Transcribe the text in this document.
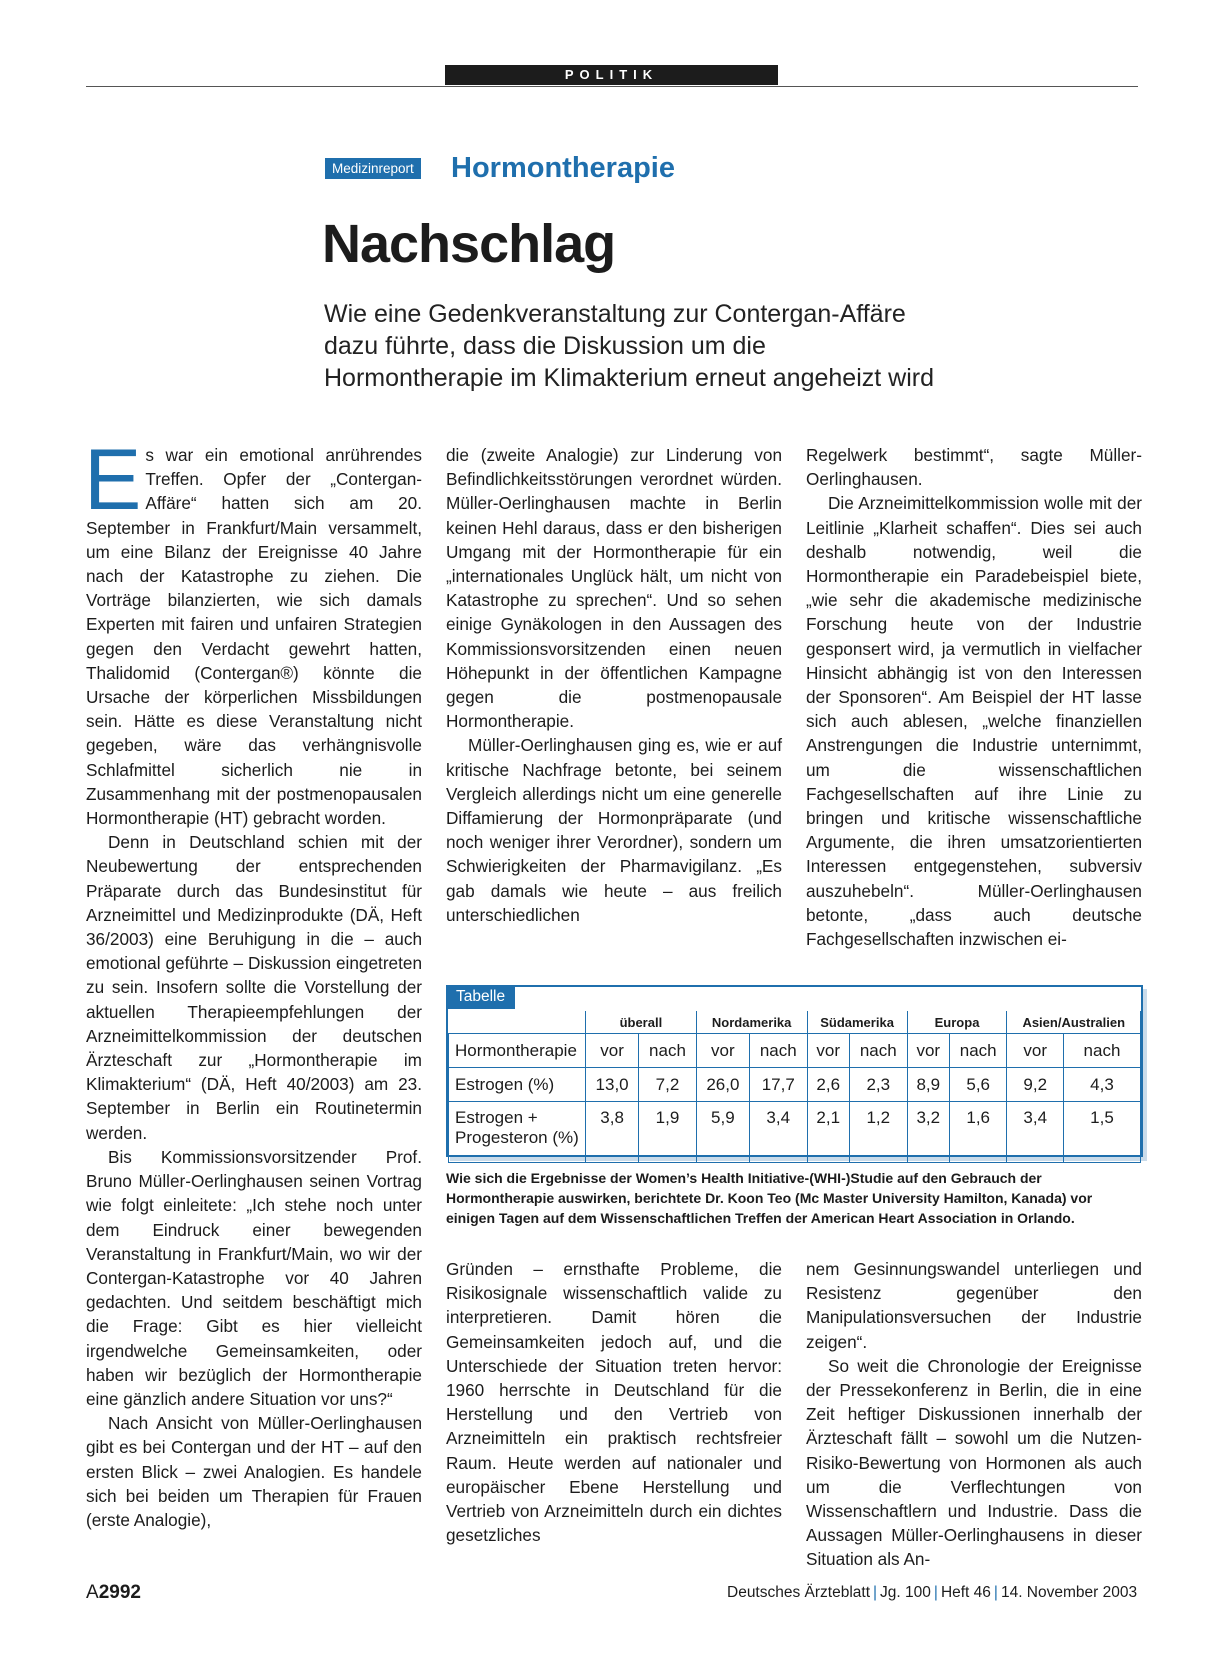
POLITIK
Medizinreport Hormontherapie
Nachschlag
Wie eine Gedenkveranstaltung zur Contergan-Affäre dazu führte, dass die Diskussion um die Hormontherapie im Klimakterium erneut angeheizt wird

Es war ein emotional anrührendes Treffen. Opfer der „Contergan-Affäre“ hatten sich am 20. September in Frankfurt/Main versammelt, um eine Bilanz der Ereignisse 40 Jahre nach der Katastrophe zu ziehen. Die Vorträge bilanzierten, wie sich damals Experten mit fairen und unfairen Strategien gegen den Verdacht gewehrt hatten, Thalidomid (Contergan®) könnte die Ursache der körperlichen Missbildungen sein. Hätte es diese Veranstaltung nicht gegeben, wäre das verhängnisvolle Schlafmittel sicherlich nie in Zusammenhang mit der postmenopausalen Hormontherapie (HT) gebracht worden.

Denn in Deutschland schien mit der Neubewertung der entsprechenden Präparate durch das Bundesinstitut für Arzneimittel und Medizinprodukte (DÄ, Heft 36/2003) eine Beruhigung in die – auch emotional geführte – Diskussion eingetreten zu sein. Insofern sollte die Vorstellung der aktuellen Therapieempfehlungen der Arzneimittelkommission der deutschen Ärzteschaft zur „Hormontherapie im Klimakterium“ (DÄ, Heft 40/2003) am 23. September in Berlin ein Routinetermin werden.

Bis Kommissionsvorsitzender Prof. Bruno Müller-Oerlinghausen seinen Vortrag wie folgt einleitete: „Ich stehe noch unter dem Eindruck einer bewegenden Veranstaltung in Frankfurt/Main, wo wir der Contergan-Katastrophe vor 40 Jahren gedachten. Und seitdem beschäftigt mich die Frage: Gibt es hier vielleicht irgendwelche Gemeinsamkeiten, oder haben wir bezüglich der Hormontherapie eine gänzlich andere Situation vor uns?“

Nach Ansicht von Müller-Oerlinghausen gibt es bei Contergan und der HT – auf den ersten Blick – zwei Analogien. Es handele sich bei beiden um Therapien für Frauen (erste Analogie),

die (zweite Analogie) zur Linderung von Befindlichkeitsstörungen verordnet würden. Müller-Oerlinghausen machte in Berlin keinen Hehl daraus, dass er den bisherigen Umgang mit der Hormontherapie für ein „internationales Unglück hält, um nicht von Katastrophe zu sprechen“. Und so sehen einige Gynäkologen in den Aussagen des Kommissionsvorsitzenden einen neuen Höhepunkt in der öffentlichen Kampagne gegen die postmenopausale Hormontherapie.

Müller-Oerlinghausen ging es, wie er auf kritische Nachfrage betonte, bei seinem Vergleich allerdings nicht um eine generelle Diffamierung der Hormonpräparate (und noch weniger ihrer Verordner), sondern um Schwierigkeiten der Pharmavigilanz. „Es gab damals wie heute – aus freilich unterschiedlichen

Regelwerk bestimmt“, sagte Müller-Oerlinghausen.

Die Arzneimittelkommission wolle mit der Leitlinie „Klarheit schaffen“. Dies sei auch deshalb notwendig, weil die Hormontherapie ein Paradebeispiel biete, „wie sehr die akademische medizinische Forschung heute von der Industrie gesponsert wird, ja vermutlich in vielfacher Hinsicht abhängig ist von den Interessen der Sponsoren“. Am Beispiel der HT lasse sich auch ablesen, „welche finanziellen Anstrengungen die Industrie unternimmt, um die wissenschaftlichen Fachgesellschaften auf ihre Linie zu bringen und kritische wissenschaftliche Argumente, die ihren umsatzorientierten Interessen entgegenstehen, subversiv auszuhebeln“. Müller-Oerlinghausen betonte, „dass auch deutsche Fachgesellschaften inzwischen ei-

Tabelle
	überall		Nordamerika		Südamerika		Europa		Asien/Australien	
Hormontherapie	vor	nach	vor	nach	vor	nach	vor	nach	vor	nach
Estrogen (%)	13,0	7,2	26,0	17,7	2,6	2,3	8,9	5,6	9,2	4,3
Estrogen + Progesteron (%)	3,8	1,9	5,9	3,4	2,1	1,2	3,2	1,6	3,4	1,5
Wie sich die Ergebnisse der Women’s Health Initiative-(WHI-)Studie auf den Gebrauch der Hormontherapie auswirken, berichtete Dr. Koon Teo (Mc Master University Hamilton, Kanada) vor einigen Tagen auf dem Wissenschaftlichen Treffen der American Heart Association in Orlando.

Gründen – ernsthafte Probleme, die Risikosignale wissenschaftlich valide zu interpretieren. Damit hören die Gemeinsamkeiten jedoch auf, und die Unterschiede der Situation treten hervor: 1960 herrschte in Deutschland für die Herstellung und den Vertrieb von Arzneimitteln ein praktisch rechtsfreier Raum. Heute werden auf nationaler und europäischer Ebene Herstellung und Vertrieb von Arzneimitteln durch ein dichtes gesetzliches

nem Gesinnungswandel unterliegen und Resistenz gegenüber den Manipulationsversuchen der Industrie zeigen“.

So weit die Chronologie der Ereignisse der Pressekonferenz in Berlin, die in eine Zeit heftiger Diskussionen innerhalb der Ärzteschaft fällt – sowohl um die Nutzen-Risiko-Bewertung von Hormonen als auch um die Verflechtungen von Wissenschaftlern und Industrie. Dass die Aussagen Müller-Oerlinghausens in dieser Situation als An-

A2992	Deutsches Ärzteblatt | Jg. 100 | Heft 46 | 14. November 2003
